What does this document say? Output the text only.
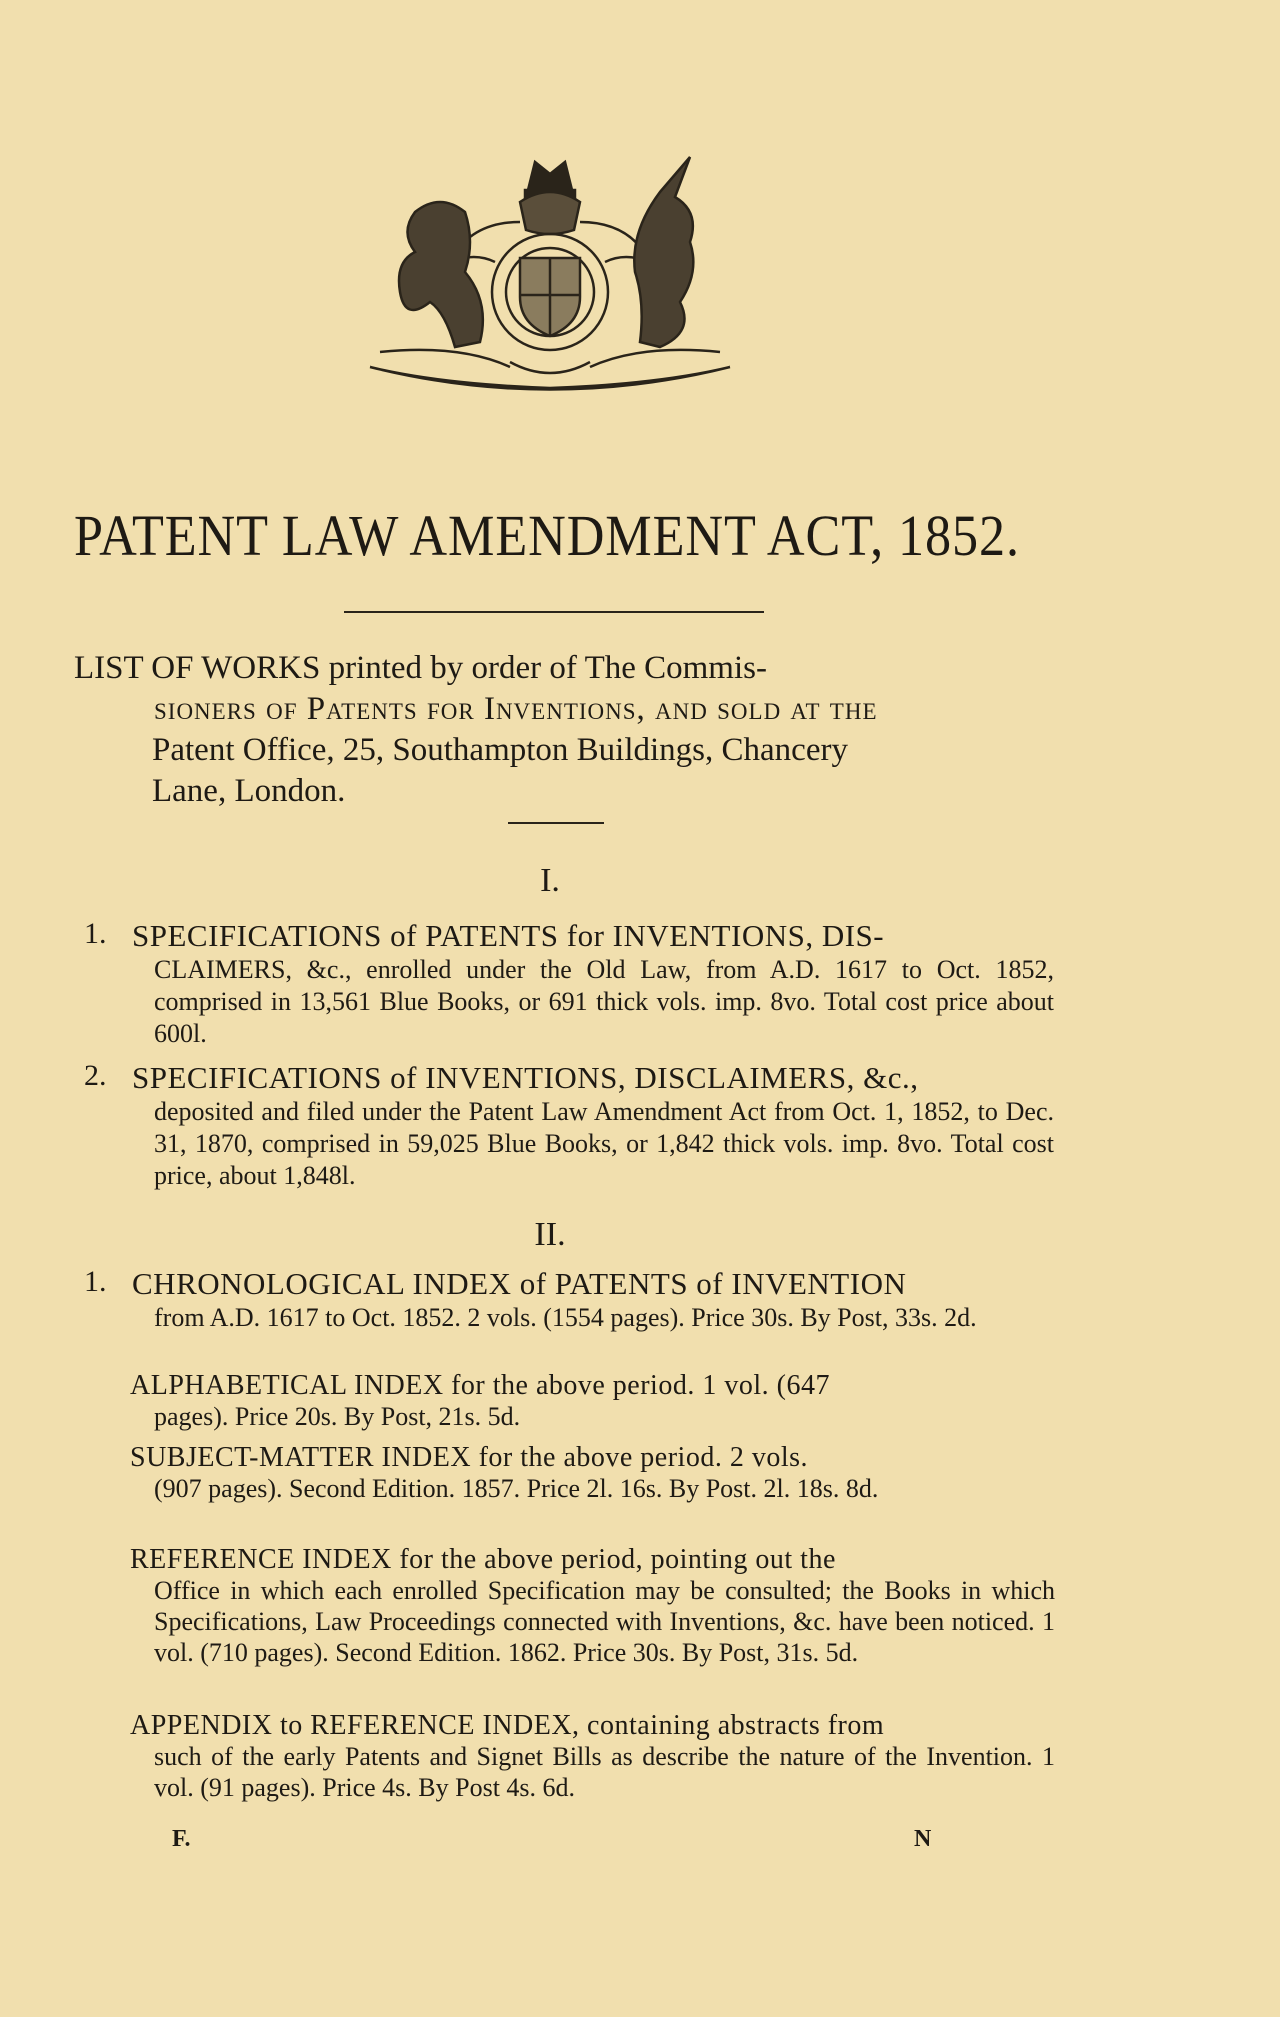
PATENT LAW AMENDMENT ACT, 1852.

LIST OF WORKS printed by order of The Commis-

sioners of Patents for Inventions, and sold at the

Patent Office, 25, Southampton Buildings, Chancery

Lane, London.

I.
1. SPECIFICATIONS of PATENTS for INVENTIONS, DIS-
CLAIMERS, &c., enrolled under the Old Law, from A.D. 1617 to Oct. 1852, comprised in 13,561 Blue Books, or 691 thick vols. imp. 8vo. Total cost price about 600l.
2. SPECIFICATIONS of INVENTIONS, DISCLAIMERS, &c.,
deposited and filed under the Patent Law Amendment Act from Oct. 1, 1852, to Dec. 31, 1870, comprised in 59,025 Blue Books, or 1,842 thick vols. imp. 8vo. Total cost price, about 1,848l.
II.
1. CHRONOLOGICAL INDEX of PATENTS of INVENTION
from A.D. 1617 to Oct. 1852. 2 vols. (1554 pages). Price 30s. By Post, 33s. 2d.
ALPHABETICAL INDEX for the above period. 1 vol. (647
pages). Price 20s. By Post, 21s. 5d.
SUBJECT-MATTER INDEX for the above period. 2 vols.
(907 pages). Second Edition. 1857. Price 2l. 16s. By Post. 2l. 18s. 8d.
REFERENCE INDEX for the above period, pointing out the
Office in which each enrolled Specification may be consulted; the Books in which Specifications, Law Proceedings connected with Inventions, &c. have been noticed. 1 vol. (710 pages). Second Edition. 1862. Price 30s. By Post, 31s. 5d.
APPENDIX to REFERENCE INDEX, containing abstracts from
such of the early Patents and Signet Bills as describe the nature of the Invention. 1 vol. (91 pages). Price 4s. By Post 4s. 6d.
F.	N
